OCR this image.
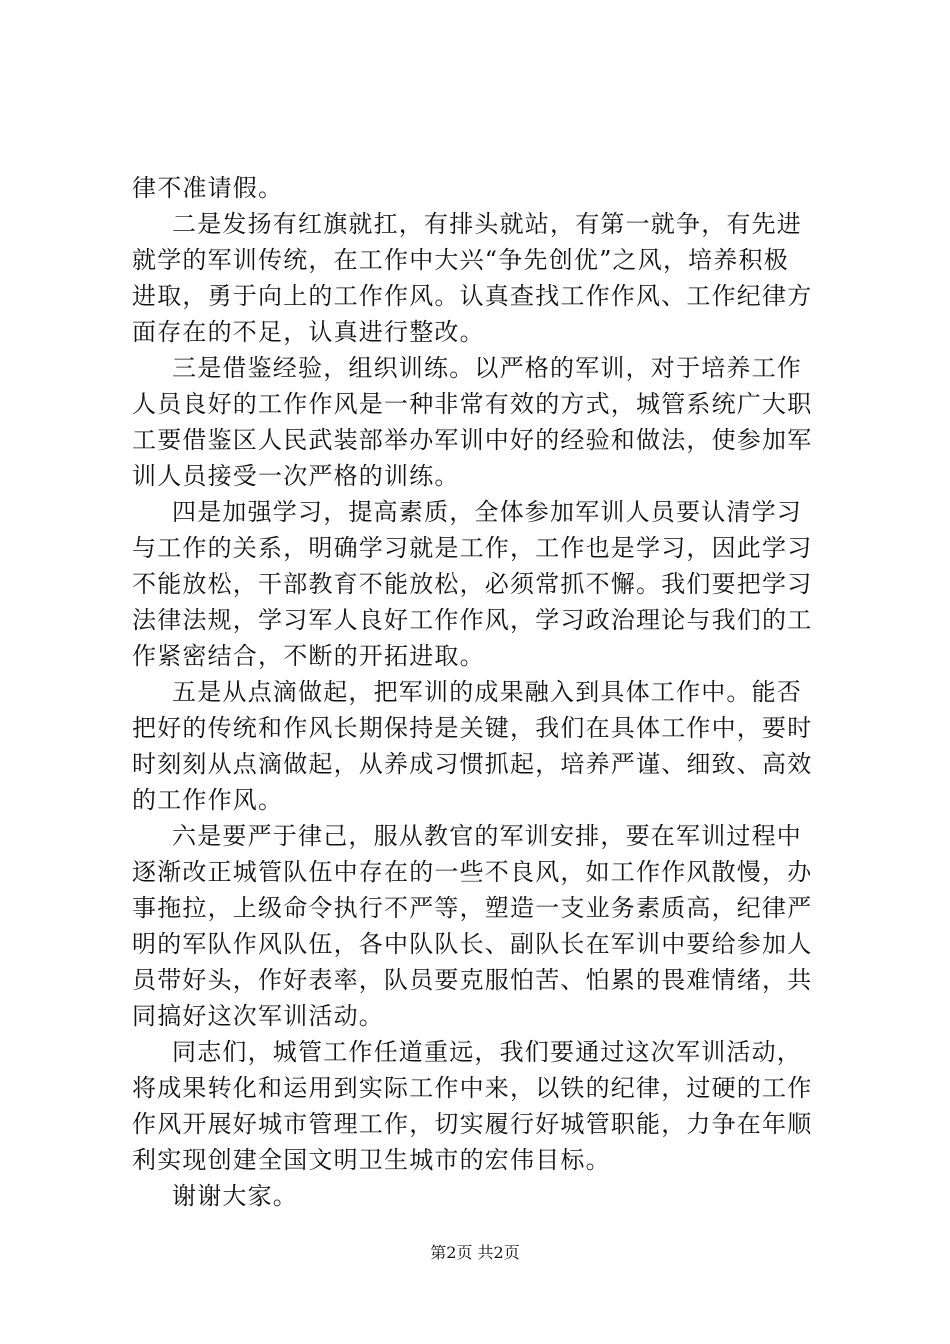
律不准请假。
二是发扬有红旗就扛，有排头就站，有第一就争，有先进
就学的军训传统，在工作中大兴“争先创优”之风，培养积极
进取，勇于向上的工作作风。认真查找工作作风、工作纪律方
面存在的不足，认真进行整改。
三是借鉴经验，组织训练。以严格的军训，对于培养工作
人员良好的工作作风是一种非常有效的方式，城管系统广大职
工要借鉴区人民武装部举办军训中好的经验和做法，使参加军
训人员接受一次严格的训练。
四是加强学习，提高素质，全体参加军训人员要认清学习
与工作的关系，明确学习就是工作，工作也是学习，因此学习
不能放松，干部教育不能放松，必须常抓不懈。我们要把学习
法律法规，学习军人良好工作作风，学习政治理论与我们的工
作紧密结合，不断的开拓进取。
五是从点滴做起，把军训的成果融入到具体工作中。能否
把好的传统和作风长期保持是关键，我们在具体工作中，要时
时刻刻从点滴做起，从养成习惯抓起，培养严谨、细致、高效
的工作作风。
六是要严于律己，服从教官的军训安排，要在军训过程中
逐渐改正城管队伍中存在的一些不良风，如工作作风散慢，办
事拖拉，上级命令执行不严等，塑造一支业务素质高，纪律严
明的军队作风队伍，各中队队长、副队长在军训中要给参加人
员带好头，作好表率，队员要克服怕苦、怕累的畏难情绪，共
同搞好这次军训活动。
同志们，城管工作任道重远，我们要通过这次军训活动，
将成果转化和运用到实际工作中来，以铁的纪律，过硬的工作
作风开展好城市管理工作，切实履行好城管职能，力争在年顺
利实现创建全国文明卫生城市的宏伟目标。
谢谢大家。
第2页 共2页
